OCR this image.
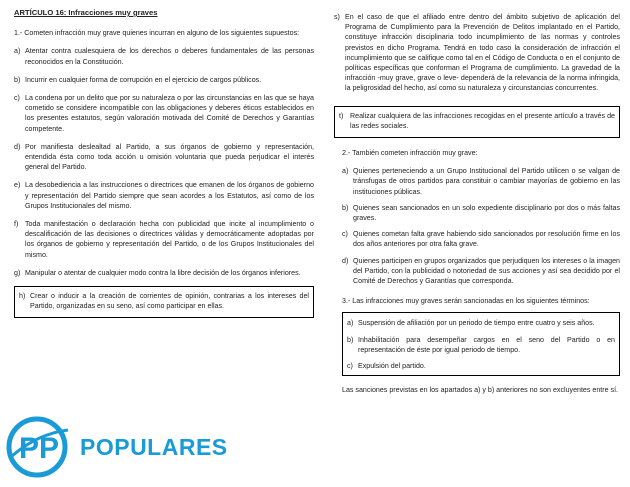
ARTÍCULO 16: Infracciones muy graves
1.- Cometen infracción muy grave quienes incurran en alguno de los siguientes supuestos:
a) Atentar contra cualesquiera de los derechos o deberes fundamentales de las personas reconocidos en la Constitución.
b) Incurrir en cualquier forma de corrupción en el ejercicio de cargos públicos.
c) La condena por un delito que por su naturaleza o por las circunstancias en las que se haya cometido se considere incompatible con las obligaciones y deberes éticos establecidos en los presentes estatutos, según valoración motivada del Comité de Derechos y Garantías competente.
d) Por manifiesta deslealtad al Partido, a sus órganos de gobierno y representación, entendida ésta como toda acción u omisión voluntaria que pueda perjudicar el interés general del Partido.
e) La desobediencia a las instrucciones o directrices que emanen de los órganos de gobierno y representación del Partido siempre que sean acordes a los Estatutos, así como de los Grupos Institucionales del mismo.
f) Toda manifestación o declaración hecha con publicidad que incite al incumplimiento o descalificación de las decisiones o directrices válidas y democráticamente adoptadas por los órganos de gobierno y representación del Partido, o de los Grupos Institucionales del mismo.
g) Manipular o atentar de cualquier modo contra la libre decisión de los órganos inferiores.
h) Crear o inducir a la creación de corrientes de opinión, contrarias a los intereses del Partido, organizadas en su seno, así como participar en ellas.
s) En el caso de que el afiliado entre dentro del ámbito subjetivo de aplicación del Programa de Cumplimiento para la Prevención de Delitos implantado en el Partido, constituye infracción disciplinaria todo incumplimiento de las normas y controles previstos en dicho Programa. Tendrá en todo caso la consideración de infracción el incumplimiento que se califique como tal en el Código de Conducta o en el conjunto de políticas específicas que conforman el Programa de cumplimiento. La gravedad de la infracción -muy grave, grave o leve- dependerá de la relevancia de la norma infringida, la peligrosidad del hecho, así como su naturaleza y circunstancias concurrentes.
t) Realizar cualquiera de las infracciones recogidas en el presente artículo a través de las redes sociales.
2.- También cometen infracción muy grave:
a) Quienes perteneciendo a un Grupo Institucional del Partido utilicen o se valgan de tránsfugas de otros partidos para constituir o cambiar mayorías de gobierno en las instituciones públicas.
b) Quienes sean sancionados en un solo expediente disciplinario por dos o más faltas graves.
c) Quienes cometan falta grave habiendo sido sancionados por resolución firme en los dos años anteriores por otra falta grave.
d) Quienes participen en grupos organizados que perjudiquen los intereses o la imagen del Partido, con la publicidad o notoriedad de sus acciones y así sea decidido por el Comité de Derechos y Garantías que corresponda.
3.- Las infracciones muy graves serán sancionadas en los siguientes términos:
a) Suspensión de afiliación por un periodo de tiempo entre cuatro y seis años.
b) Inhabilitación para desempeñar cargos en el seno del Partido o en representación de éste por igual periodo de tiempo.
c) Expulsión del partido.
Las sanciones previstas en los apartados a) y b) anteriores no son excluyentes entre sí.
PP POPULARES
